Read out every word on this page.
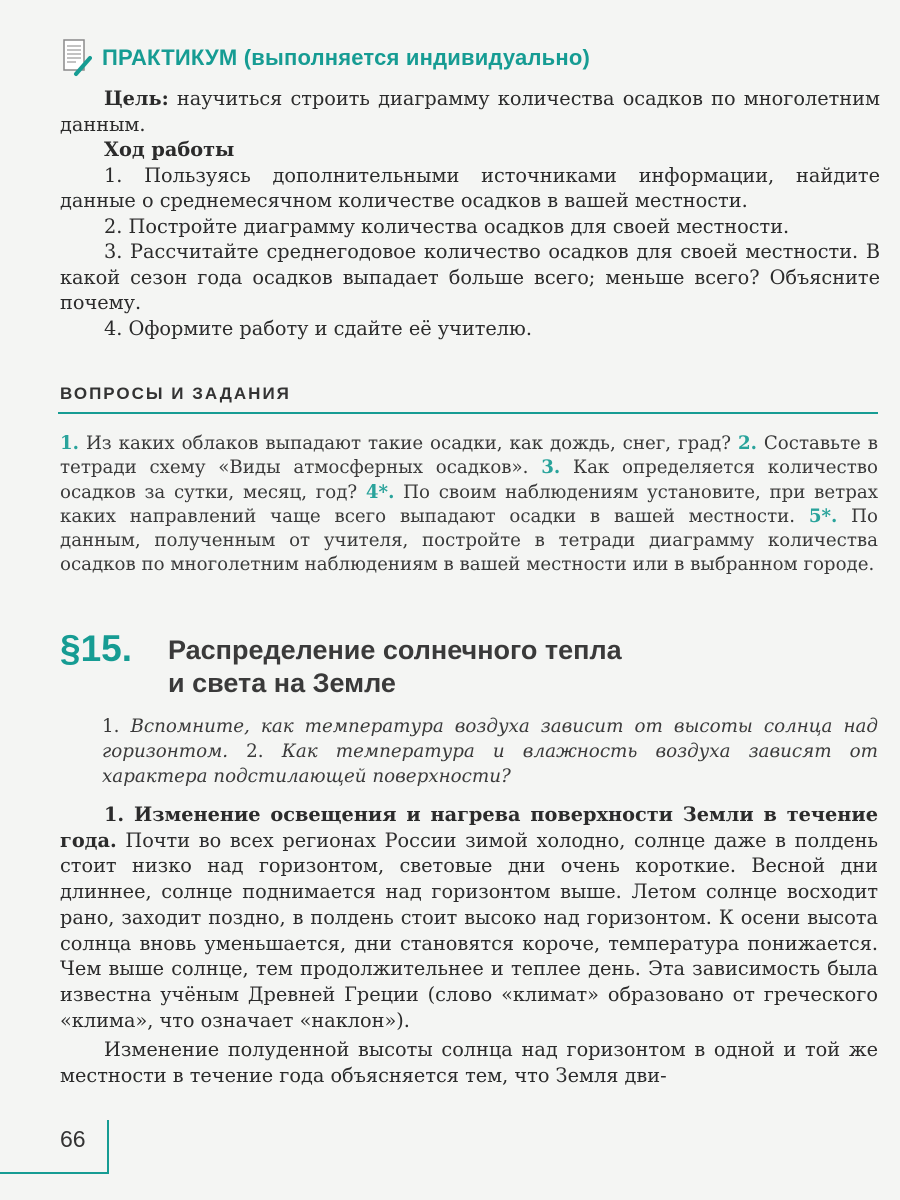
ПРАКТИКУМ (выполняется индивидуально)

Цель: научиться строить диаграмму количества осадков по многолетним данным.

Ход работы

1. Пользуясь дополнительными источниками информации, найдите данные о среднемесячном количестве осадков в вашей местности.

2. Постройте диаграмму количества осадков для своей местности.

3. Рассчитайте среднегодовое количество осадков для своей местности. В какой сезон года осадков выпадает больше всего; меньше всего? Объясните почему.

4. Оформите работу и сдайте её учителю.

ВОПРОСЫ И ЗАДАНИЯ
1. Из каких облаков выпадают такие осадки, как дождь, снег, град? 2. Составьте в тетради схему «Виды атмосферных осадков». 3. Как определяется количество осадков за сутки, месяц, год? 4*. По своим наблюдениям установите, при ветрах каких направлений чаще всего выпадают осадки в вашей местности. 5*. По данным, полученным от учителя, постройте в тетради диаграмму количества осадков по многолетним наблюдениям в вашей местности или в выбранном городе.
§15.	Распределение солнечного тепла
и света на Земле
1. Вспомните, как температура воздуха зависит от высоты солнца над горизонтом. 2. Как температура и влажность воздуха зависят от характера подстилающей поверхности?

1. Изменение освещения и нагрева поверхности Земли в течение года. Почти во всех регионах России зимой холодно, солнце даже в полдень стоит низко над горизонтом, световые дни очень короткие. Весной дни длиннее, солнце поднимается над горизонтом выше. Летом солнце восходит рано, заходит поздно, в полдень стоит высоко над горизонтом. К осени высота солнца вновь уменьшается, дни становятся короче, температура понижается. Чем выше солнце, тем продолжительнее и теплее день. Эта зависимость была известна учёным Древней Греции (слово «климат» образовано от греческого «клима», что означает «наклон»).

Изменение полуденной высоты солнца над горизонтом в одной и той же местности в течение года объясняется тем, что Земля дви-

66
